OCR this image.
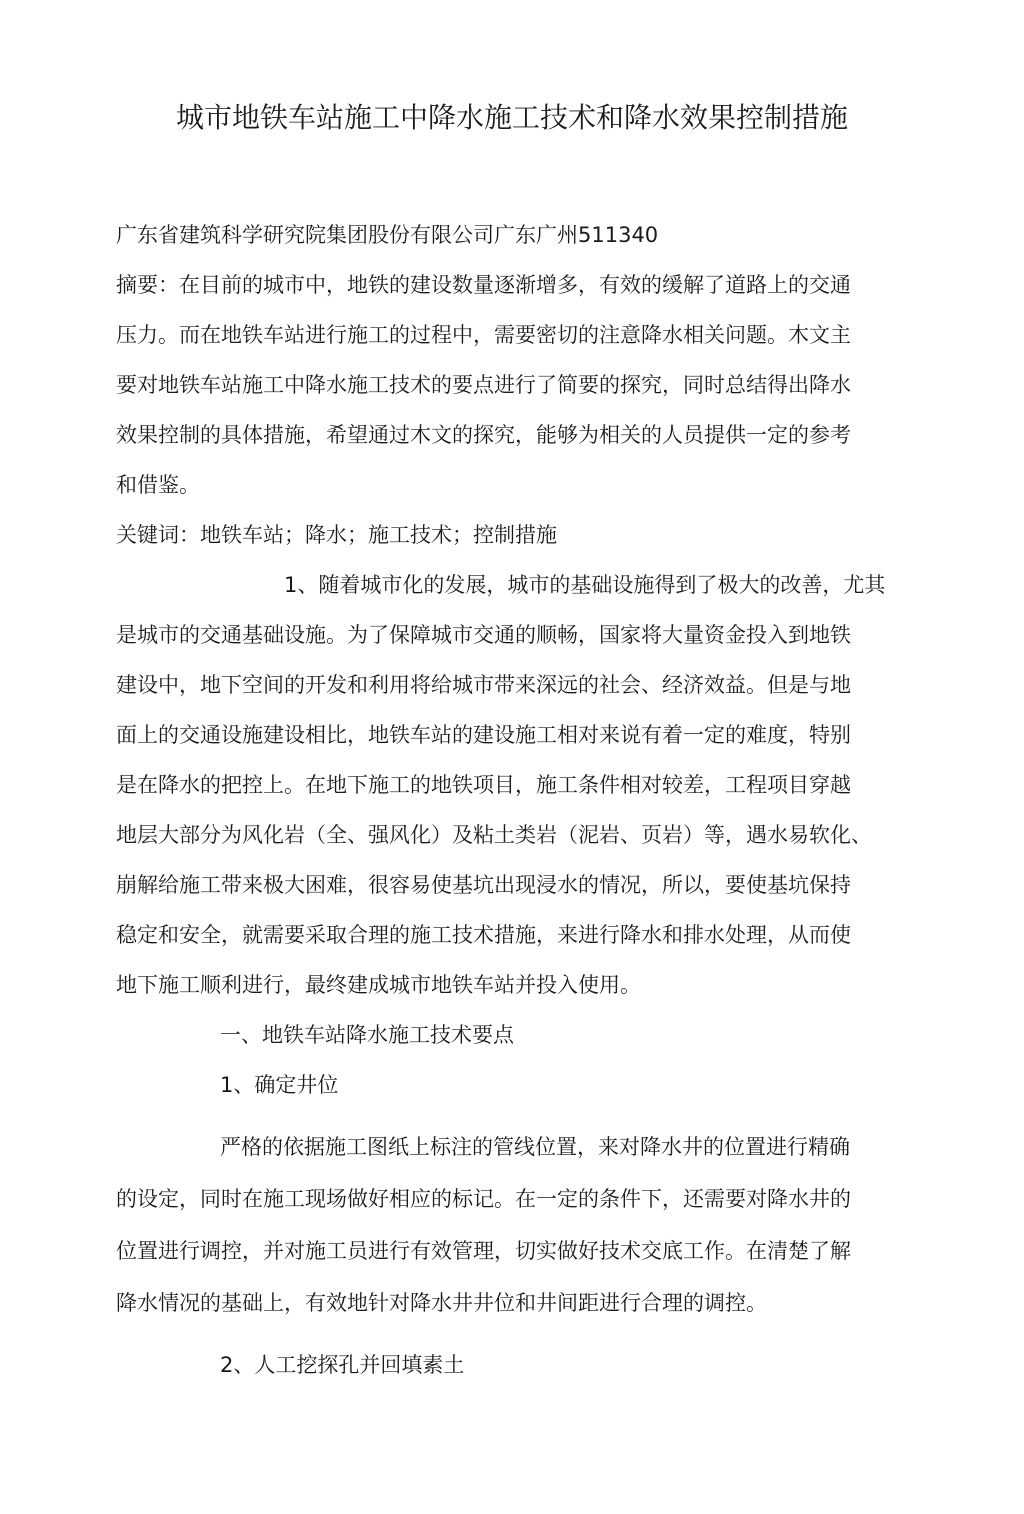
城市地铁车站施工中降水施工技术和降水效果控制措施
广东省建筑科学研究院集团股份有限公司广东广州511340
摘要：在目前的城市中，地铁的建设数量逐渐增多，有效的缓解了道路上的交通
压力。而在地铁车站进行施工的过程中，需要密切的注意降水相关问题。木文主
要对地铁车站施工中降水施工技术的要点进行了简要的探究，同时总结得出降水
效果控制的具体措施，希望通过木文的探究，能够为相关的人员提供一定的参考
和借鉴。
关键词：地铁车站；降水；施工技术；控制措施
1、随着城市化的发展，城市的基础设施得到了极大的改善，尤其
是城市的交通基础设施。为了保障城市交通的顺畅，国家将大量资金投入到地铁
建设中，地下空间的开发和利用将给城市带来深远的社会、经济效益。但是与地
面上的交通设施建设相比，地铁车站的建设施工相对来说有着一定的难度，特别
是在降水的把控上。在地下施工的地铁项目，施工条件相对较差，工程项目穿越
地层大部分为风化岩（全、强风化）及粘土类岩（泥岩、页岩）等，遇水易软化、
崩解给施工带来极大困难，很容易使基坑出现浸水的情况，所以，要使基坑保持
稳定和安全，就需要采取合理的施工技术措施，来进行降水和排水处理，从而使
地下施工顺利进行，最终建成城市地铁车站并投入使用。
一、地铁车站降水施工技术要点
1、确定井位
严格的依据施工图纸上标注的管线位置，来对降水井的位置进行精确
的设定，同时在施工现场做好相应的标记。在一定的条件下，还需要对降水井的
位置进行调控，并对施工员进行有效管理，切实做好技术交底工作。在清楚了解
降水情况的基础上，有效地针对降水井井位和井间距进行合理的调控。
2、人工挖探孔并回填素土
